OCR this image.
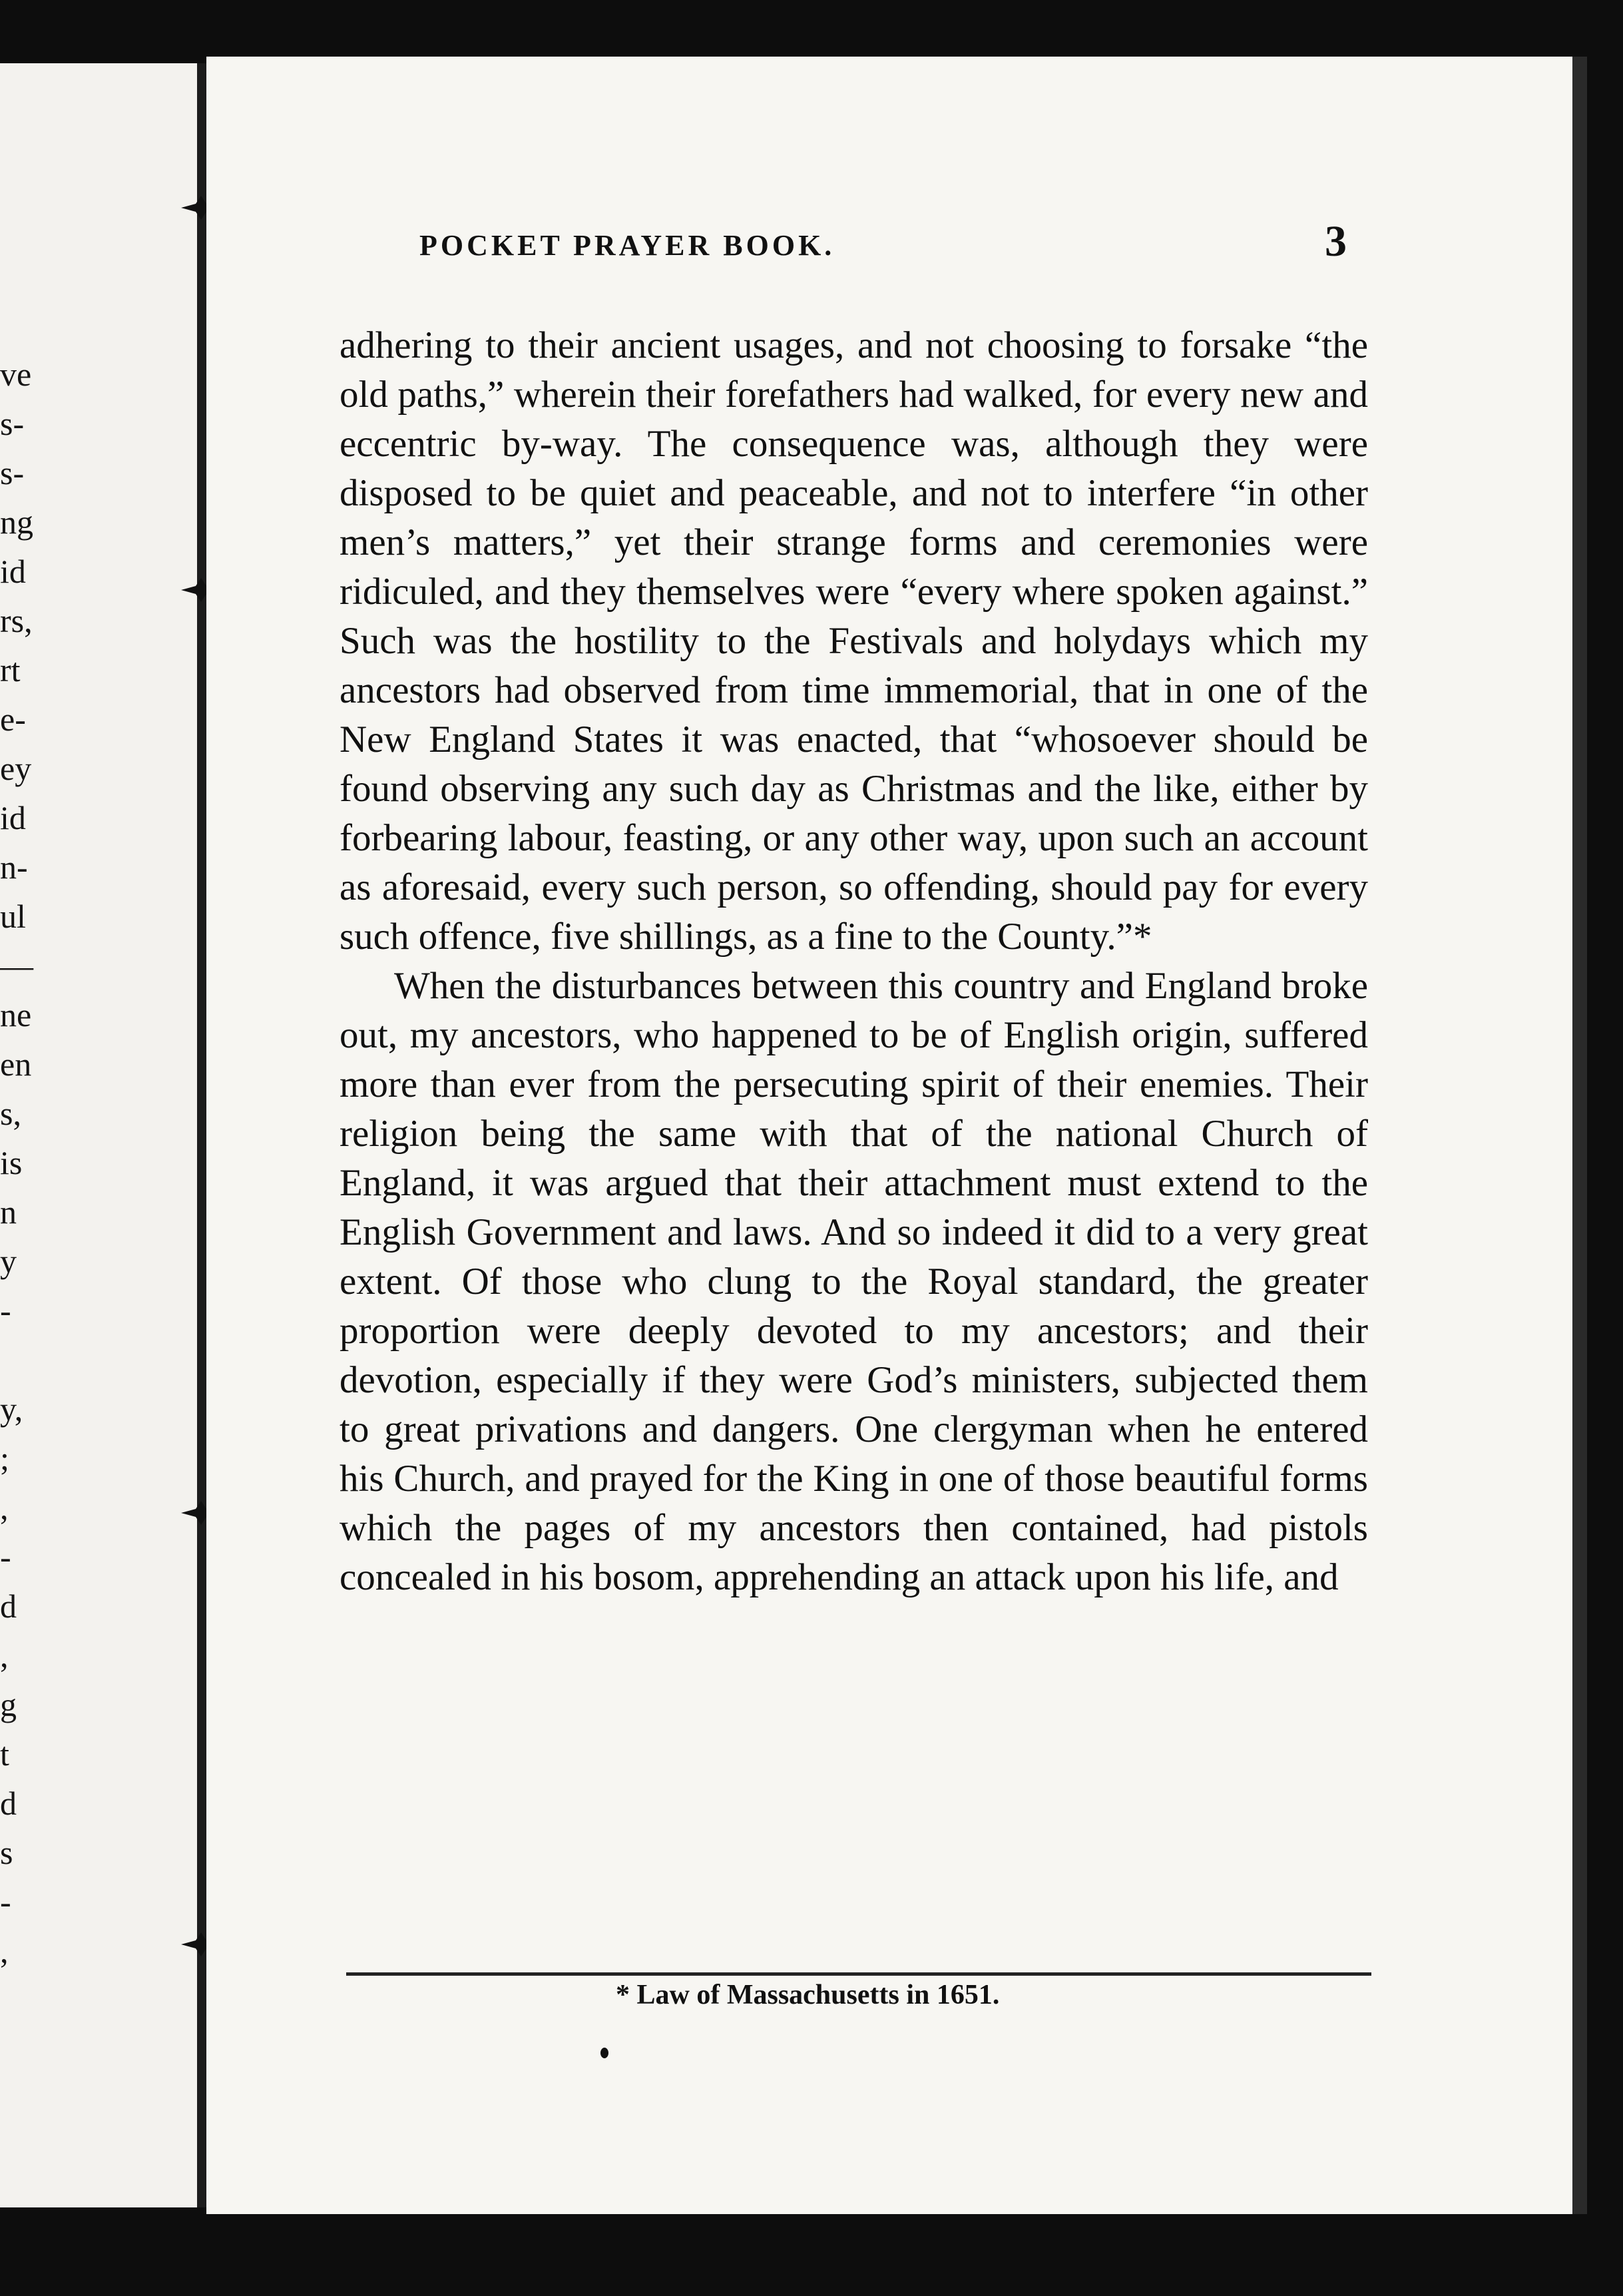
ve
s-
s-
ng
id
rs,
rt
e-
ey
id
n-
ul
—
ne
en
s,
is
n
y
-
y,
;
,
-
d
,
g
t
d
s
-
,
POCKET PRAYER BOOK.	3

adhering to their ancient usages, and not choosing to forsake “the old paths,” wherein their forefathers had walked, for every new and eccentric by-way. The consequence was, although they were disposed to be quiet and peaceable, and not to interfere “in other men’s matters,” yet their strange forms and ceremonies were ridiculed, and they themselves were “every where spoken against.” Such was the hostility to the Festivals and holydays which my ancestors had observed from time immemorial, that in one of the New England States it was enacted, that “whosoever should be found observing any such day as Christmas and the like, either by forbearing labour, feasting, or any other way, upon such an account as aforesaid, every such person, so offending, should pay for every such offence, five shillings, as a fine to the County.”*

When the disturbances between this country and England broke out, my ancestors, who happened to be of English origin, suffered more than ever from the persecuting spirit of their enemies. Their religion being the same with that of the national Church of England, it was argued that their attachment must extend to the English Government and laws. And so indeed it did to a very great extent. Of those who clung to the Royal standard, the greater proportion were deeply devoted to my ancestors; and their devotion, especially if they were God’s ministers, subjected them to great privations and dangers. One clergyman when he entered his Church, and prayed for the King in one of those beautiful forms which the pages of my ancestors then contained, had pistols concealed in his bosom, apprehending an attack upon his life, and

* Law of Massachusetts in 1651.
